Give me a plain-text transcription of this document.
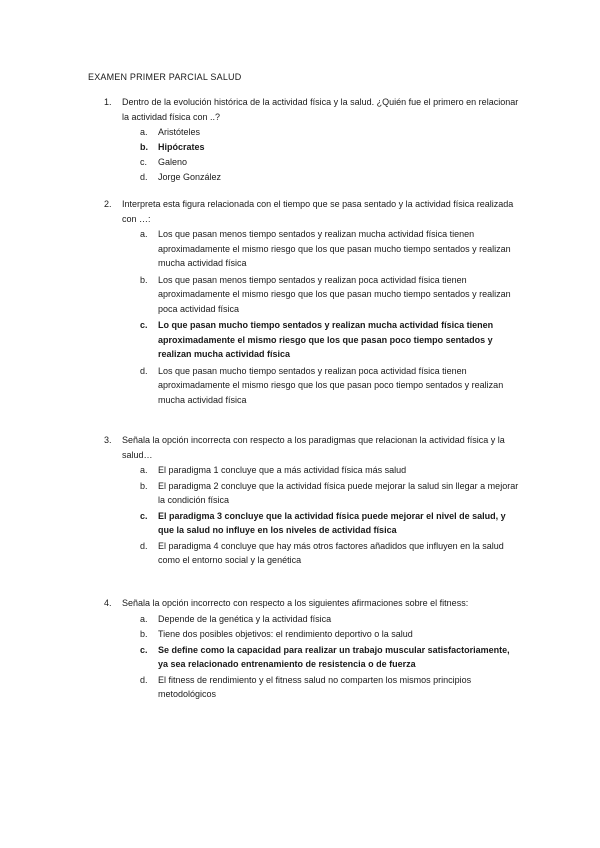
EXAMEN PRIMER PARCIAL SALUD
1.	Dentro de la evolución histórica de la actividad física y la salud. ¿Quién fue el primero en relacionar la actividad física con ..?
a.	Aristóteles
b.	Hipócrates
c.	Galeno
d.	Jorge González
2.	Interpreta esta figura relacionada con el tiempo que se pasa sentado y la actividad física realizada con …:
a.	Los que pasan menos tiempo sentados y realizan mucha actividad física tienen aproximadamente el mismo riesgo que los que pasan mucho tiempo sentados y realizan mucha actividad física
b.	Los que pasan menos tiempo sentados y realizan poca actividad física tienen aproximadamente el mismo riesgo que los que pasan mucho tiempo sentados y realizan poca actividad física
c.	Lo que pasan mucho tiempo sentados y realizan mucha actividad física tienen aproximadamente el mismo riesgo que los que pasan poco tiempo sentados y realizan mucha actividad física
d.	Los que pasan mucho tiempo sentados y realizan poca actividad física tienen aproximadamente el mismo riesgo que los que pasan poco tiempo sentados y realizan mucha actividad física
3.	Señala la opción incorrecta con respecto a los paradigmas que relacionan la actividad física y la salud…
a.	El paradigma 1 concluye que a más actividad física más salud
b.	El paradigma 2 concluye que la actividad física puede mejorar la salud sin llegar a mejorar la condición física
c.	El paradigma 3 concluye que la actividad física puede mejorar el nivel de salud, y que la salud no influye en los niveles de actividad física
d.	El paradigma 4 concluye que hay más otros factores añadidos que influyen en la salud como el entorno social y la genética
4.	Señala la opción incorrecto con respecto a los siguientes afirmaciones sobre el fitness:
a.	Depende de la genética y la actividad física
b.	Tiene dos posibles objetivos: el rendimiento deportivo o la salud
c.	Se define como la capacidad para realizar un trabajo muscular satisfactoriamente, ya sea relacionado entrenamiento de resistencia o de fuerza
d.	El fitness de rendimiento y el fitness salud no comparten los mismos principios metodológicos
